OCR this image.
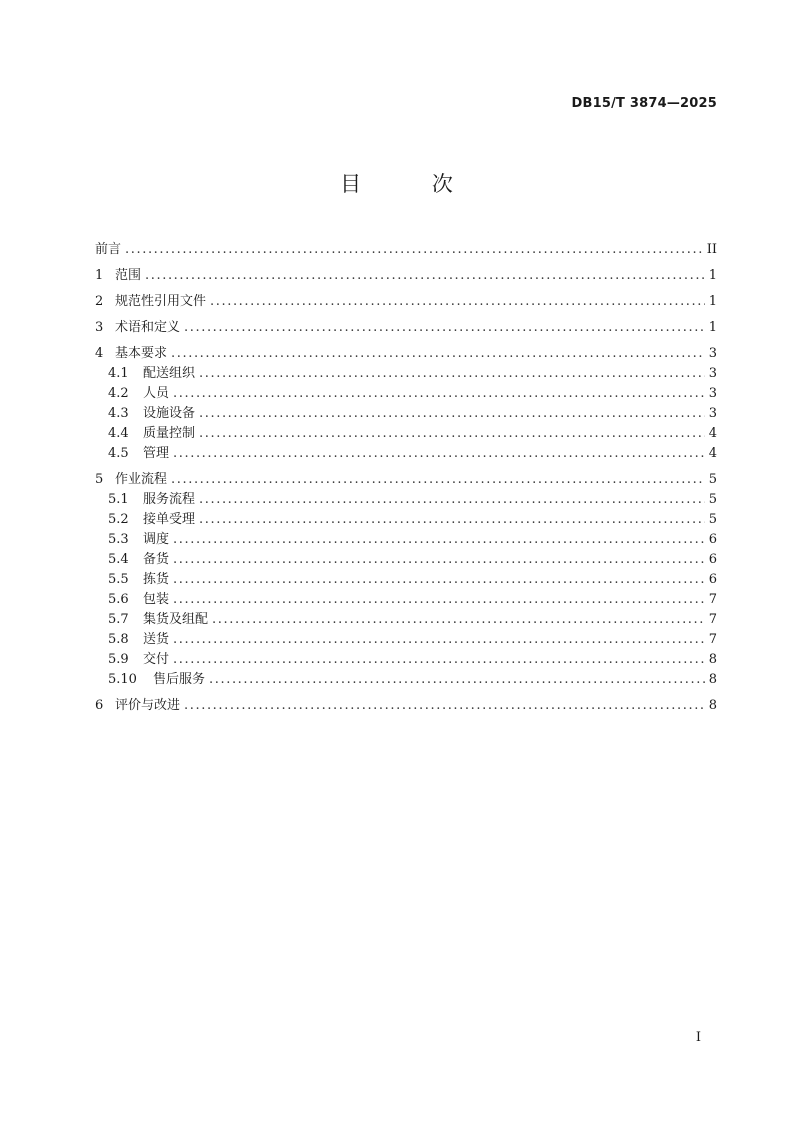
DB15/T 3874—2025
目 次
前言 .....	II
1 范围 .....	1
2 规范性引用文件 .....	1
3 术语和定义 .....	1
4 基本要求 .....	3
4.1	配送组织 .....	3
4.2	人员 .....	3
4.3	设施设备 .....	3
4.4	质量控制 .....	4
4.5	管理 .....	4
5 作业流程 .....	5
5.1	服务流程 .....	5
5.2	接单受理 .....	5
5.3	调度 .....	6
5.4	备货 .....	6
5.5	拣货 .....	6
5.6	包装 .....	7
5.7	集货及组配 .....	7
5.8	送货 .....	7
5.9	交付 .....	8
5.10	售后服务 .....	8
6 评价与改进 .....	8
I
